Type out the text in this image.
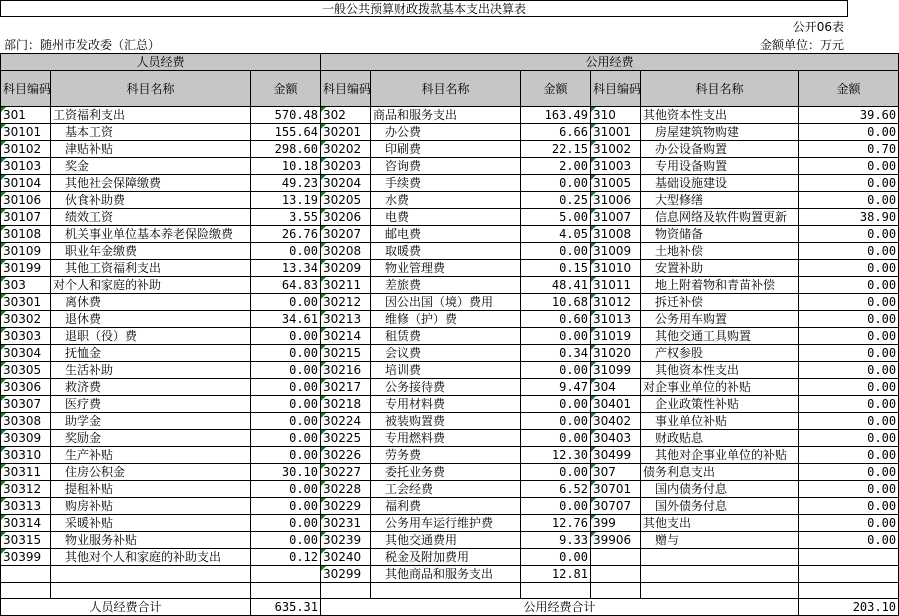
一般公共预算财政拨款基本支出决算表
公开06表
部门：随州市发改委（汇总）	金额单位：万元
人员经费			公用经费					
科目编码	科目名称	金额	科目编码	科目名称	金额	科目编码	科目名称	金额
301	工资福利支出	570.48	302	商品和服务支出	163.49	310	其他资本性支出	39.60
30101	基本工资	155.64	30201	办公费	6.66	31001	房屋建筑物购建	0.00
30102	津贴补贴	298.60	30202	印刷费	22.15	31002	办公设备购置	0.70
30103	奖金	10.18	30203	咨询费	2.00	31003	专用设备购置	0.00
30104	其他社会保障缴费	49.23	30204	手续费	0.00	31005	基础设施建设	0.00
30106	伙食补助费	13.19	30205	水费	0.25	31006	大型修缮	0.00
30107	绩效工资	3.55	30206	电费	5.00	31007	信息网络及软件购置更新	38.90
30108	机关事业单位基本养老保险缴费	26.76	30207	邮电费	4.05	31008	物资储备	0.00
30109	职业年金缴费	0.00	30208	取暖费	0.00	31009	土地补偿	0.00
30199	其他工资福利支出	13.34	30209	物业管理费	0.15	31010	安置补助	0.00
303	对个人和家庭的补助	64.83	30211	差旅费	48.41	31011	地上附着物和青苗补偿	0.00
30301	离休费	0.00	30212	因公出国（境）费用	10.68	31012	拆迁补偿	0.00
30302	退休费	34.61	30213	维修（护）费	0.60	31013	公务用车购置	0.00
30303	退职（役）费	0.00	30214	租赁费	0.00	31019	其他交通工具购置	0.00
30304	抚恤金	0.00	30215	会议费	0.34	31020	产权参股	0.00
30305	生活补助	0.00	30216	培训费	0.00	31099	其他资本性支出	0.00
30306	救济费	0.00	30217	公务接待费	9.47	304	对企事业单位的补贴	0.00
30307	医疗费	0.00	30218	专用材料费	0.00	30401	企业政策性补贴	0.00
30308	助学金	0.00	30224	被装购置费	0.00	30402	事业单位补贴	0.00
30309	奖励金	0.00	30225	专用燃料费	0.00	30403	财政贴息	0.00
30310	生产补贴	0.00	30226	劳务费	12.30	30499	其他对企事业单位的补贴	0.00
30311	住房公积金	30.10	30227	委托业务费	0.00	307	债务利息支出	0.00
30312	提租补贴	0.00	30228	工会经费	6.52	30701	国内债务付息	0.00
30313	购房补贴	0.00	30229	福利费	0.00	30707	国外债务付息	0.00
30314	采暖补贴	0.00	30231	公务用车运行维护费	12.76	399	其他支出	0.00
30315	物业服务补贴	0.00	30239	其他交通费用	9.33	39906	赠与	0.00
30399	其他对个人和家庭的补助支出	0.12	30240	税金及附加费用	0.00			
			30299	其他商品和服务支出	12.81			

人员经费合计		635.31	公用经费合计					203.10
